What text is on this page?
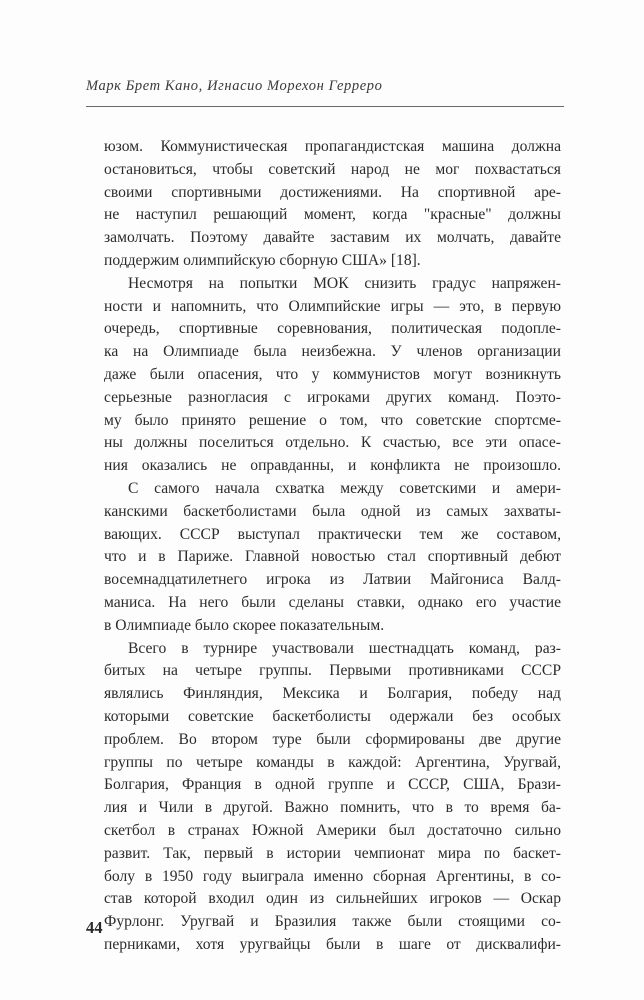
Марк Брет Кано, Игнасио Морехон Герреро
юзом. Коммунистическая пропагандистская машина должна
остановиться, чтобы советский народ не мог похвастаться
своими спортивными достижениями. На спортивной аре-
не наступил решающий момент, когда "красные" должны
замолчать. Поэтому давайте заставим их молчать, давайте
поддержим олимпийскую сборную США» [18].
Несмотря на попытки МОК снизить градус напряжен-
ности и напомнить, что Олимпийские игры — это, в первую
очередь, спортивные соревнования, политическая подопле-
ка на Олимпиаде была неизбежна. У членов организации
даже были опасения, что у коммунистов могут возникнуть
серьезные разногласия с игроками других команд. Поэто-
му было принято решение о том, что советские спортсме-
ны должны поселиться отдельно. К счастью, все эти опасе-
ния оказались не оправданны, и конфликта не произошло.
С самого начала схватка между советскими и амери-
канскими баскетболистами была одной из самых захваты-
вающих. СССР выступал практически тем же составом,
что и в Париже. Главной новостью стал спортивный дебют
восемнадцатилетнего игрока из Латвии Майгониса Валд-
маниса. На него были сделаны ставки, однако его участие
в Олимпиаде было скорее показательным.
Всего в турнире участвовали шестнадцать команд, раз-
битых на четыре группы. Первыми противниками СССР
являлись Финляндия, Мексика и Болгария, победу над
которыми советские баскетболисты одержали без особых
проблем. Во втором туре были сформированы две другие
группы по четыре команды в каждой: Аргентина, Уругвай,
Болгария, Франция в одной группе и СССР, США, Брази-
лия и Чили в другой. Важно помнить, что в то время ба-
скетбол в странах Южной Америки был достаточно сильно
развит. Так, первый в истории чемпионат мира по баскет-
болу в 1950 году выиграла именно сборная Аргентины, в со-
став которой входил один из сильнейших игроков — Оскар
Фурлонг. Уругвай и Бразилия также были стоящими со-
перниками, хотя уругвайцы были в шаге от дисквалифи-
44
